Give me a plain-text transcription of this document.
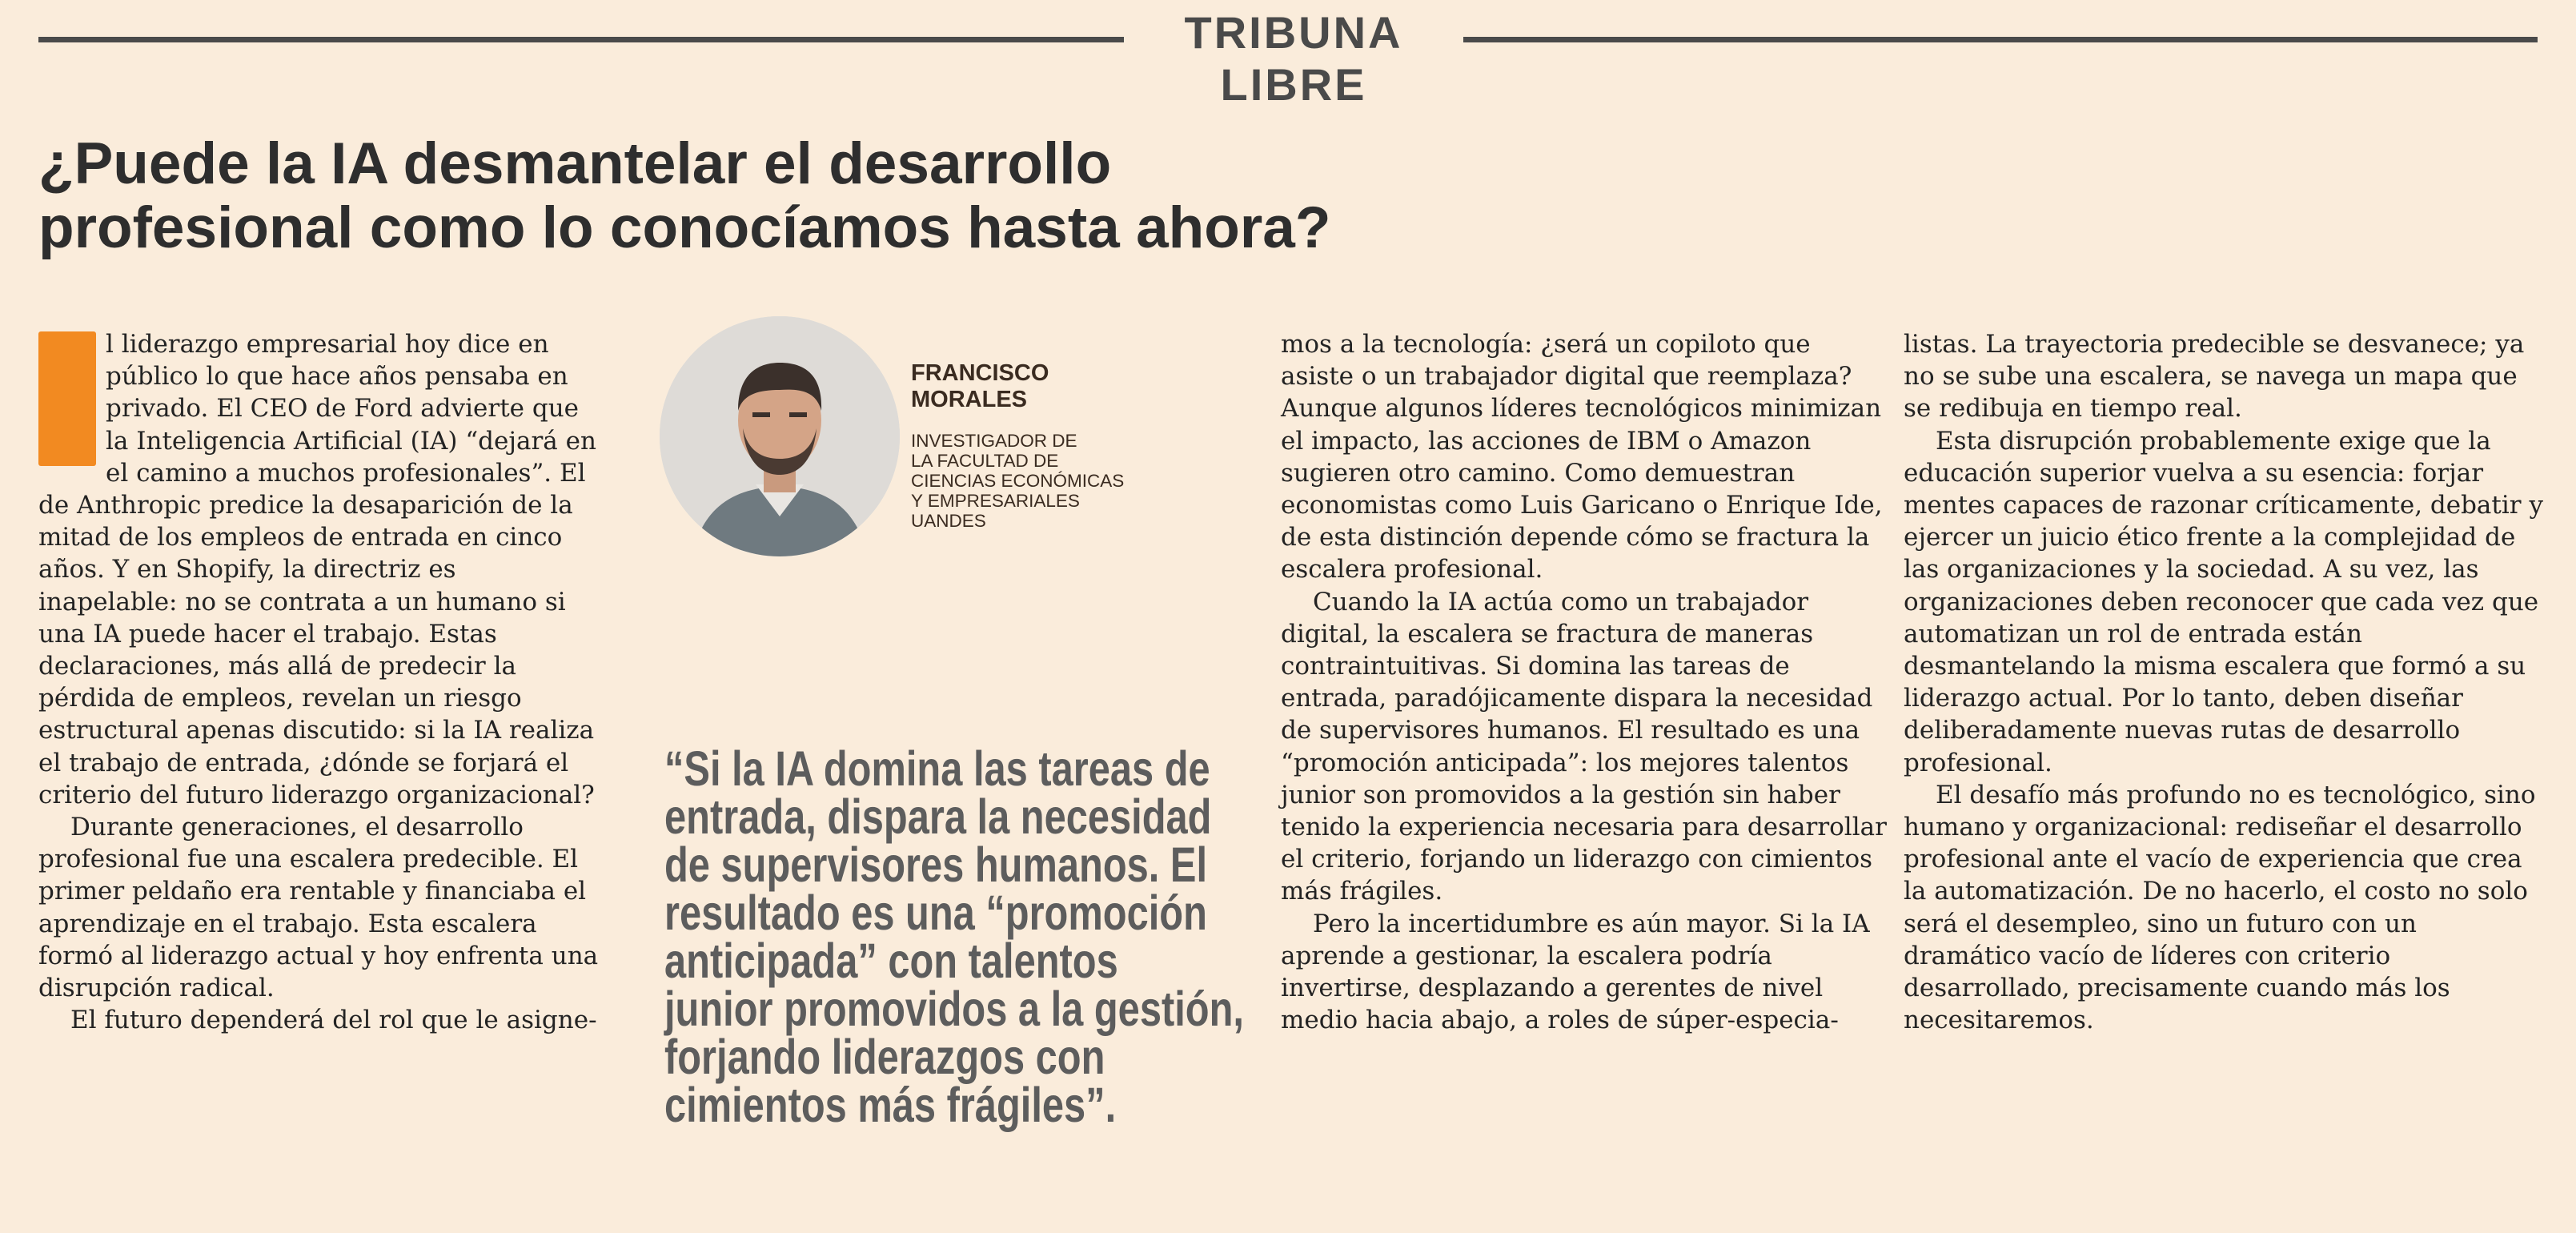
TRIBUNA LIBRE
¿Puede la IA desmantelar el desarrollo
profesional como lo conocíamos hasta ahora?

l liderazgo empresarial hoy dice en público lo que hace años pensaba en privado. El CEO de Ford advierte que la Inteligencia Artificial (IA) “dejará en el camino a muchos profesionales”. El de Anthropic predice la desaparición de la mitad de los empleos de entrada en cinco años. Y en Shopify, la directriz es inapelable: no se contrata a un humano si una IA puede hacer el trabajo. Estas declaraciones, más allá de predecir la pérdida de empleos, revelan un riesgo estructural apenas discutido: si la IA realiza el trabajo de entrada, ¿dónde se forjará el criterio del futuro liderazgo organizacional?

Durante generaciones, el desarrollo profesional fue una escalera predecible. El primer peldaño era rentable y financiaba el aprendizaje en el trabajo. Esta escalera formó al liderazgo actual y hoy enfrenta una disrupción radical.

El futuro dependerá del rol que le asigne-

FRANCISCO
MORALES
INVESTIGADOR DE
LA FACULTAD DE
CIENCIAS ECONÓMICAS
Y EMPRESARIALES
UANDES
“Si la IA domina las tareas de
entrada, dispara la necesidad
de supervisores humanos. El
resultado es una “promoción
anticipada” con talentos
junior promovidos a la gestión,
forjando liderazgos con
cimientos más frágiles”.

mos a la tecnología: ¿será un copiloto que asiste o un trabajador digital que reemplaza? Aunque algunos líderes tecnológicos minimizan el impacto, las acciones de IBM o Amazon sugieren otro camino. Como demuestran economistas como Luis Garicano o Enrique Ide, de esta distinción depende cómo se fractura la escalera profesional.

Cuando la IA actúa como un trabajador digital, la escalera se fractura de maneras contraintuitivas. Si domina las tareas de entrada, paradójicamente dispara la necesidad de supervisores humanos. El resultado es una “promoción anticipada”: los mejores talentos junior son promovidos a la gestión sin haber tenido la experiencia necesaria para desarrollar el criterio, forjando un liderazgo con cimientos más frágiles.

Pero la incertidumbre es aún mayor. Si la IA aprende a gestionar, la escalera podría invertirse, desplazando a gerentes de nivel medio hacia abajo, a roles de súper-especia-

listas. La trayectoria predecible se desvanece; ya no se sube una escalera, se navega un mapa que se redibuja en tiempo real.

Esta disrupción probablemente exige que la educación superior vuelva a su esencia: forjar mentes capaces de razonar críticamente, debatir y ejercer un juicio ético frente a la complejidad de las organizaciones y la sociedad. A su vez, las organizaciones deben reconocer que cada vez que automatizan un rol de entrada están desmantelando la misma escalera que formó a su liderazgo actual. Por lo tanto, deben diseñar deliberadamente nuevas rutas de desarrollo profesional.

El desafío más profundo no es tecnológico, sino humano y organizacional: rediseñar el desarrollo profesional ante el vacío de experiencia que crea la automatización. De no hacerlo, el costo no solo será el desempleo, sino un futuro con un dramático vacío de líderes con criterio desarrollado, precisamente cuando más los necesitaremos.
